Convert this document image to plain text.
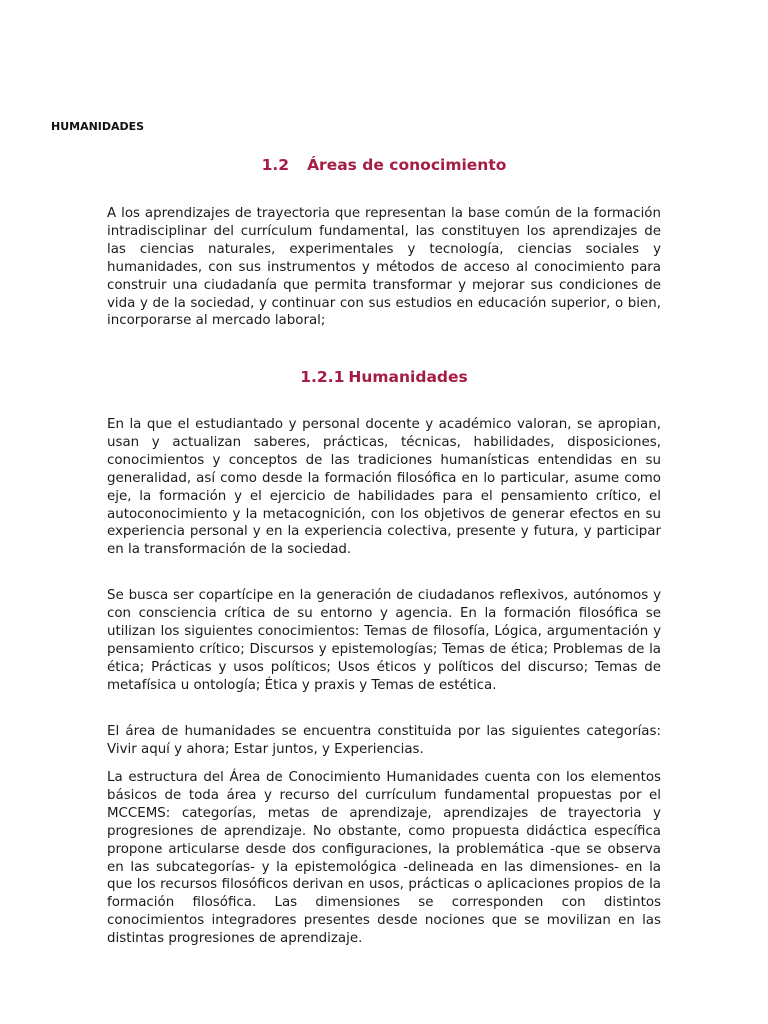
HUMANIDADES
1.2 Áreas de conocimiento

A los aprendizajes de trayectoria que representan la base común de la formación intradisciplinar del currículum fundamental, las constituyen los aprendizajes de las ciencias naturales, experimentales y tecnología, ciencias sociales y humanidades, con sus instrumentos y métodos de acceso al conocimiento para construir una ciudadanía que permita transformar y mejorar sus condiciones de vida y de la sociedad, y continuar con sus estudios en educación superior, o bien, incorporarse al mercado laboral;

1.2.1 Humanidades

En la que el estudiantado y personal docente y académico valoran, se apropian, usan y actualizan saberes, prácticas, técnicas, habilidades, disposiciones, conocimientos y conceptos de las tradiciones humanísticas entendidas en su generalidad, así como desde la formación filosófica en lo particular, asume como eje, la formación y el ejercicio de habilidades para el pensamiento crítico, el autoconocimiento y la metacognición, con los objetivos de generar efectos en su experiencia personal y en la experiencia colectiva, presente y futura, y participar en la transformación de la sociedad.

Se busca ser copartícipe en la generación de ciudadanos reflexivos, autónomos y con consciencia crítica de su entorno y agencia. En la formación filosófica se utilizan los siguientes conocimientos: Temas de filosofía, Lógica, argumentación y pensamiento crítico; Discursos y epistemologías; Temas de ética; Problemas de la ética; Prácticas y usos políticos; Usos éticos y políticos del discurso; Temas de metafísica u ontología; Ética y praxis y Temas de estética.

El área de humanidades se encuentra constituida por las siguientes categorías: Vivir aquí y ahora; Estar juntos, y Experiencias.

La estructura del Área de Conocimiento Humanidades cuenta con los elementos básicos de toda área y recurso del currículum fundamental propuestas por el MCCEMS: categorías, metas de aprendizaje, aprendizajes de trayectoria y progresiones de aprendizaje. No obstante, como propuesta didáctica específica propone articularse desde dos configuraciones, la problemática -que se observa en las subcategorías- y la epistemológica -delineada en las dimensiones- en la que los recursos filosóficos derivan en usos, prácticas o aplicaciones propios de la formación filosófica. Las dimensiones se corresponden con distintos conocimientos integradores presentes desde nociones que se movilizan en las distintas progresiones de aprendizaje.
